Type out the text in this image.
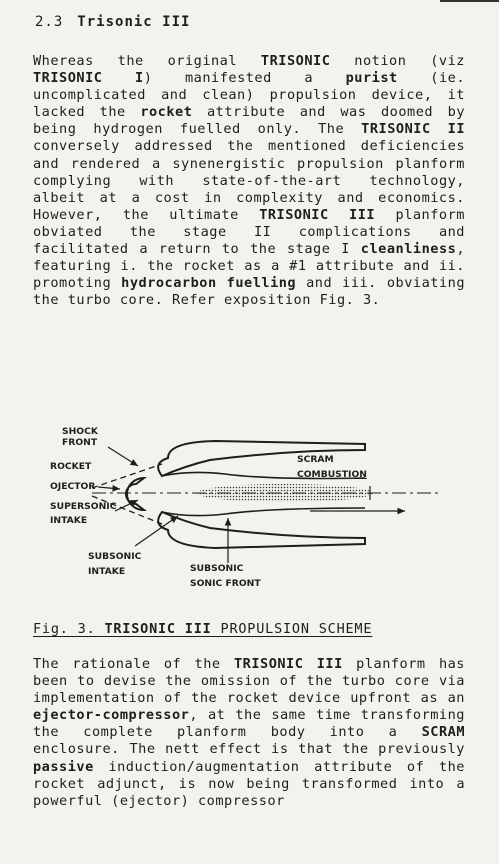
2.3 Trisonic III
Whereas the original TRISONIC notion (viz TRISONIC I) manifested a purist (ie. uncomplicated and clean) propulsion device, it lacked the rocket attribute and was doomed by being hydrogen fuelled only. The TRISONIC II conversely addressed the mentioned deficiencies and rendered a synenergistic propulsion planform complying with state-of-the-art technology, albeit at a cost in complexity and economics. However, the ultimate TRISONIC III planform obviated the stage II complications and facilitated a return to the stage I cleanliness, featuring i. the rocket as a #1 attribute and ii. promoting hydrocarbon fuelling and iii. obviating the turbo core. Refer exposition Fig. 3.
SHOCK FRONT
ROCKET OJECTOR
SUPERSONIC INTAKE
SUBSONIC INTAKE	SUBSONIC SONIC FRONT
SCRAM COMBUSTION
Fig. 3. TRISONIC III PROPULSION SCHEME
The rationale of the TRISONIC III planform has been to devise the omission of the turbo core via implementation of the rocket device upfront as an ejector-compressor, at the same time transforming the complete planform body into a SCRAM enclosure. The nett effect is that the previously passive induction/augmentation attribute of the rocket adjunct, is now being transformed into a powerful (ejector) compressor
